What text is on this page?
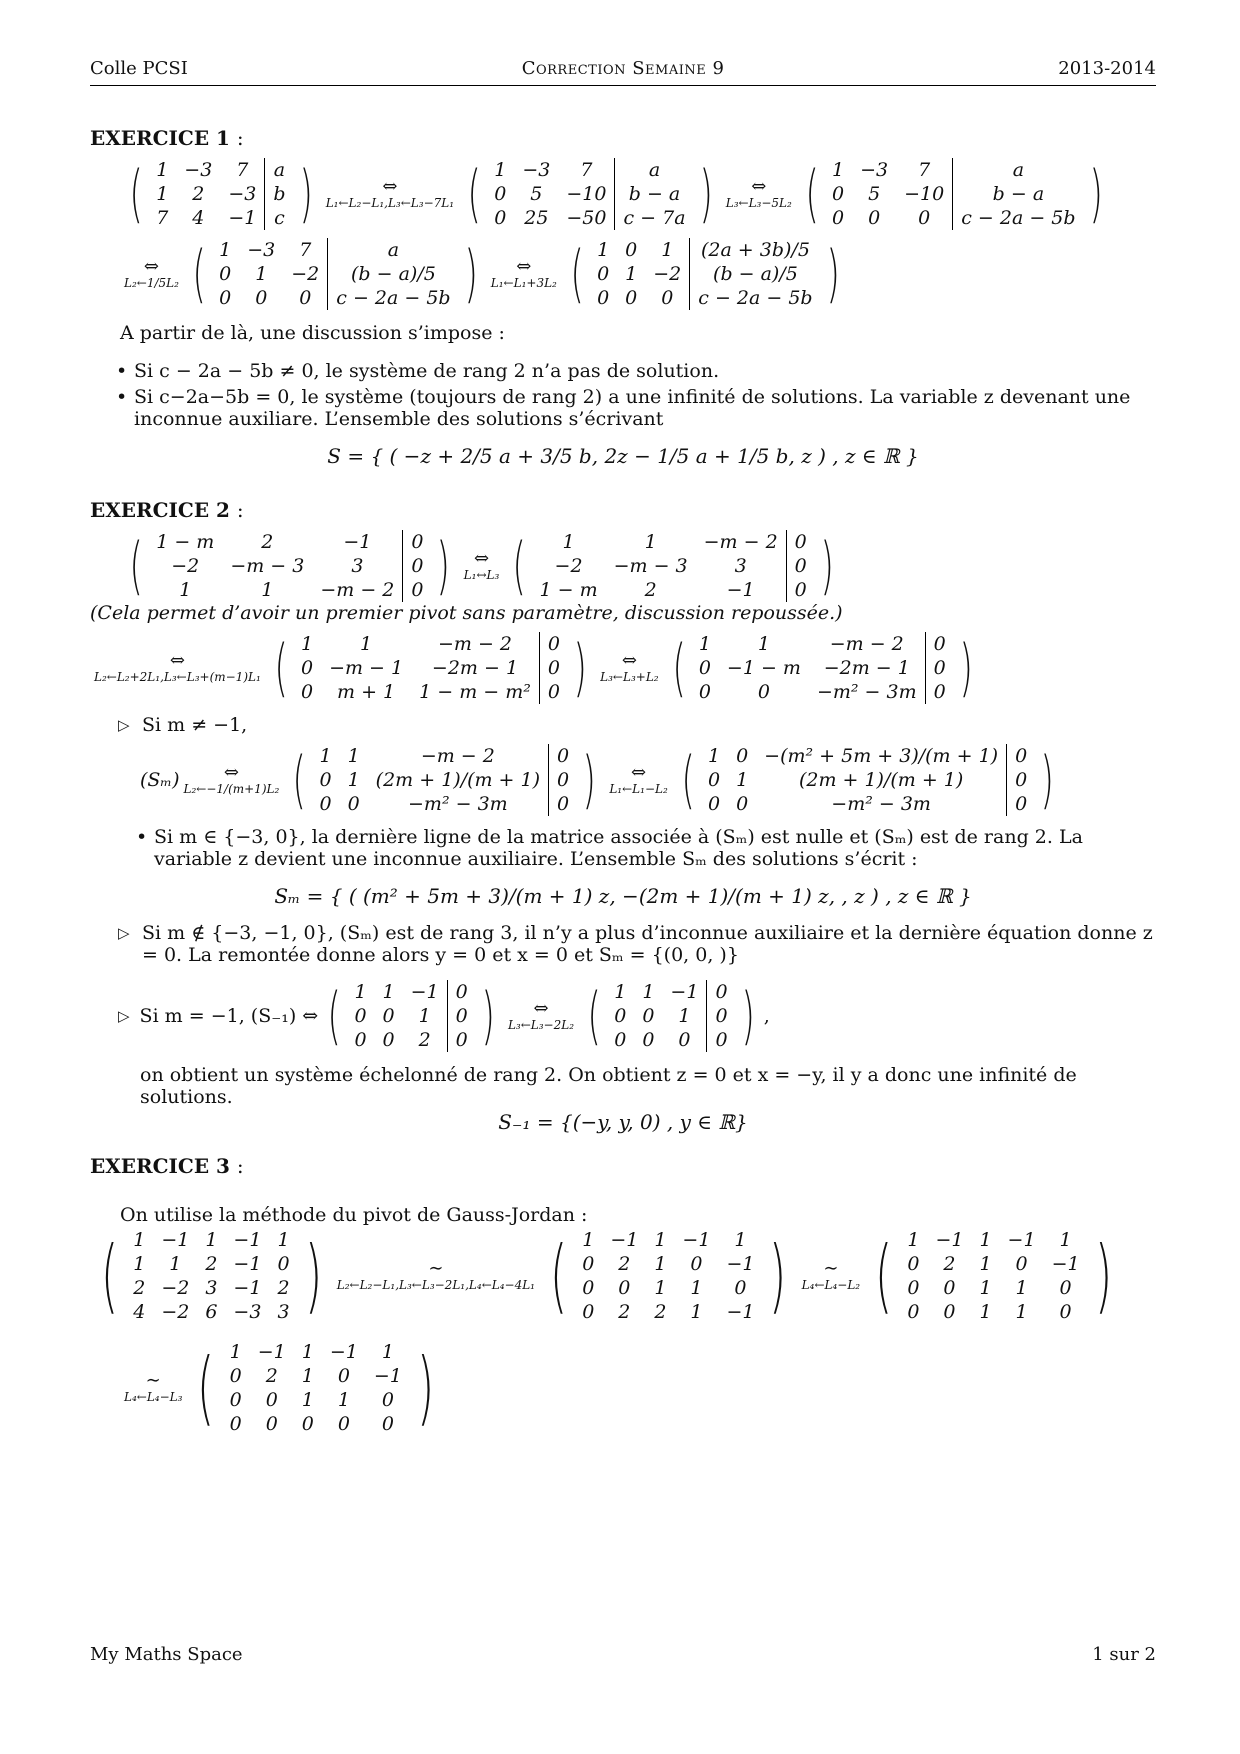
Colle PCSI	Correction Semaine 9	2013-2014
EXERCICE 1 :
( 1	−3	7	a
1	2	−3	b
7	4	−1	c )	⇔
L₁←L₂−L₁,L₃←L₃−7L₁ ( 1	−3	7	a
0	5	−10	b − a
0	25	−50	c − 7a ) ⇔
L₃←L₃−5L₂ ( 1	−3	7	a
0	5	−10	b − a
0	0	0	c − 2a − 5b )
⇔
L₂←1/5L₂ ( 1	−3	7	a
0	1	−2	(b − a)/5
0	0	0	c − 2a − 5b ) ⇔
L₁←L₁+3L₂ ( 1	0	1	(2a + 3b)/5
0	1	−2	(b − a)/5
0	0	0	c − 2a − 5b )
A partir de là, une discussion s’impose :
• Si c − 2a − 5b ≠ 0, le système de rang 2 n’a pas de solution.
• Si c−2a−5b = 0, le système (toujours de rang 2) a une infinité de solutions. La variable z devenant une inconnue auxiliare. L’ensemble des solutions s’écrivant
S = { ( −z + 2/5 a + 3/5 b, 2z − 1/5 a + 1/5 b, z ) , z ∈ ℝ }
EXERCICE 2 :
( 1 − m	2	−1	0
−2	−m − 3	3	0
1	1	−m − 2	0 ) ⇔
L₁↔L₃ ( 1	1	−m − 2	0
−2	−m − 3	3	0
1 − m	2	−1	0 )
(Cela permet d’avoir un premier pivot sans paramètre, discussion repoussée.)
⇔
L₂←L₂+2L₁,L₃←L₃+(m−1)L₁ ( 1	1	−m − 2	0
0	−m − 1	−2m − 1	0
0	m + 1	1 − m − m²	0 ) ⇔
L₃←L₃+L₂ ( 1	1	−m − 2	0
0	−1 − m	−2m − 1	0
0	0	−m² − 3m	0 )
▷ Si m ≠ −1,
(Sₘ) ⇔
L₂←−1/(m+1)L₂ ( 1	1	−m − 2	0
0	1	(2m + 1)/(m + 1)	0
0	0	−m² − 3m	0 ) ⇔
L₁←L₁−L₂ ( 1	0	−(m² + 5m + 3)/(m + 1)	0
0	1	(2m + 1)/(m + 1)	0
0	0	−m² − 3m	0 )
• Si m ∈ {−3, 0}, la dernière ligne de la matrice associée à (Sₘ) est nulle et (Sₘ) est de rang 2. La variable z devient une inconnue auxiliaire. L’ensemble Sₘ des solutions s’écrit :
Sₘ = { ( (m² + 5m + 3)/(m + 1) z, −(2m + 1)/(m + 1) z, , z ) , z ∈ ℝ }
▷ Si m ∉ {−3, −1, 0}, (Sₘ) est de rang 3, il n’y a plus d’inconnue auxiliaire et la dernière équation donne z = 0. La remontée donne alors y = 0 et x = 0 et Sₘ = {(0, 0, )}
▷ Si m = −1, (S₋₁) ⇔ ( 1	1	−1	0
0	0	1	0
0	0	2	0 ) ⇔
L₃←L₃−2L₂ ( 1	1	−1	0
0	0	1	0
0	0	0	0 ) ,
on obtient un système échelonné de rang 2. On obtient z = 0 et x = −y, il y a donc une infinité de solutions.
S₋₁ = {(−y, y, 0) , y ∈ ℝ}
EXERCICE 3 :
On utilise la méthode du pivot de Gauss-Jordan :
( 1	−1	1	−1	1
1	1	2	−1	0
2	−2	3	−1	2
4	−2	6	−3	3 )	∼
L₂←L₂−L₁,L₃←L₃−2L₁,L₄←L₄−4L₁ ( 1	−1	1	−1	1
0	2	1	0	−1
0	0	1	1	0
0	2	2	1	−1 ) ∼
L₄←L₄−L₂ ( 1	−1	1	−1	1
0	2	1	0	−1
0	0	1	1	0
0	0	1	1	0 )
∼
L₄←L₄−L₃ ( 1	−1	1	−1	1
0	2	1	0	−1
0	0	1	1	0
0	0	0	0	0 )
My Maths Space	1 sur 2
